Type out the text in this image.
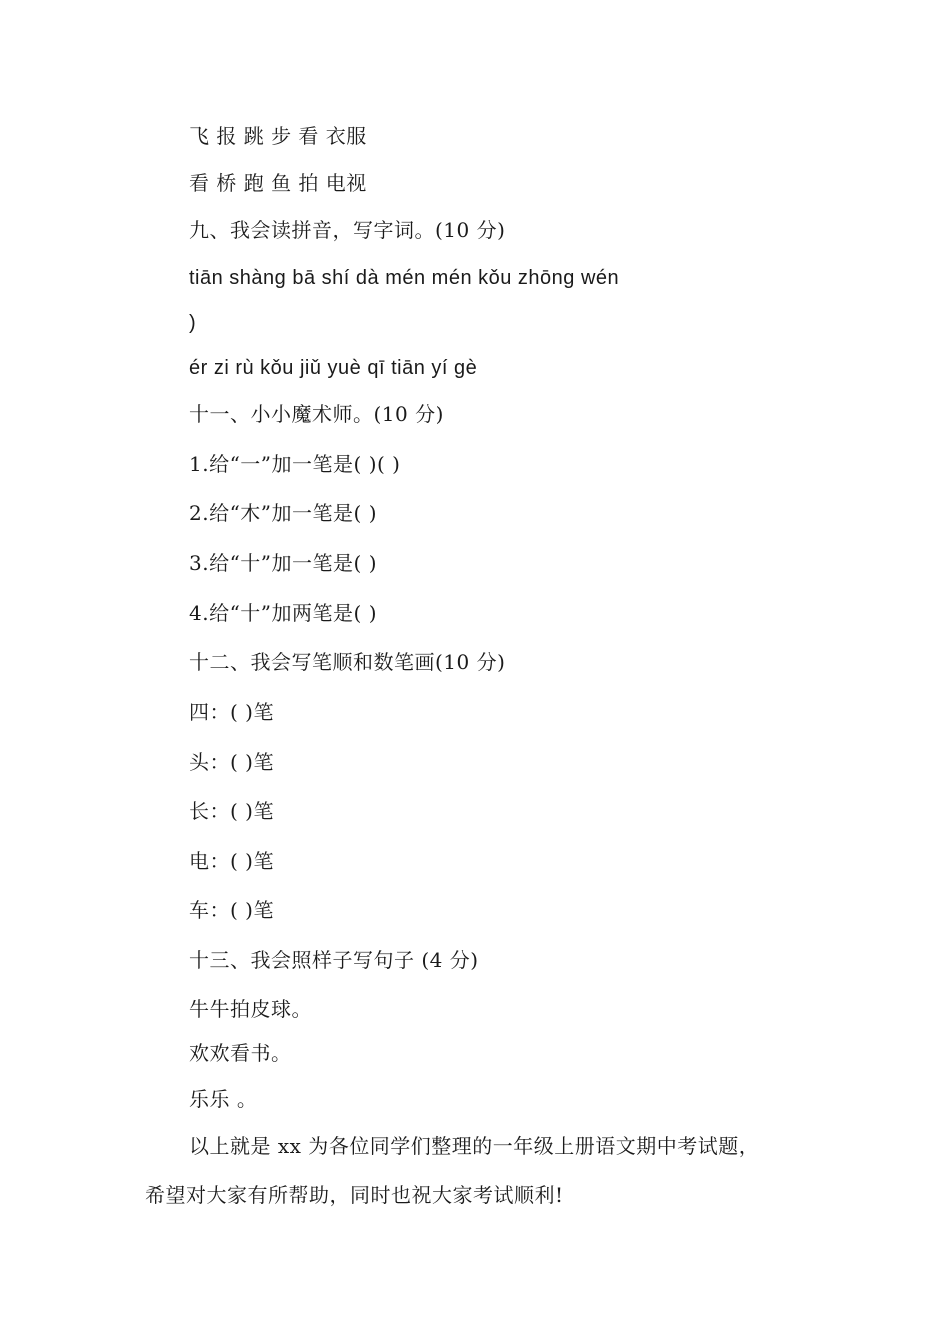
飞 报 跳 步 看 衣服
看 桥 跑 鱼 拍 电视
九、我会读拼音，写字词。(10 分)
tiān shàng bā shí dà mén mén kǒu zhōng wén
)
ér zi rù kǒu jiǔ yuè qī tiān yí gè
十一、小小魔术师。(10 分)
1.给“一”加一笔是( )( )
2.给“木”加一笔是( )
3.给“十”加一笔是( )
4.给“十”加两笔是( )
十二、我会写笔顺和数笔画(10 分)
四：( )笔
头：( )笔
长：( )笔
电：( )笔
车：( )笔
十三、我会照样子写句子 (4 分)
牛牛拍皮球。
欢欢看书。
乐乐 。
以上就是 xx 为各位同学们整理的一年级上册语文期中考试题，
希望对大家有所帮助，同时也祝大家考试顺利!
